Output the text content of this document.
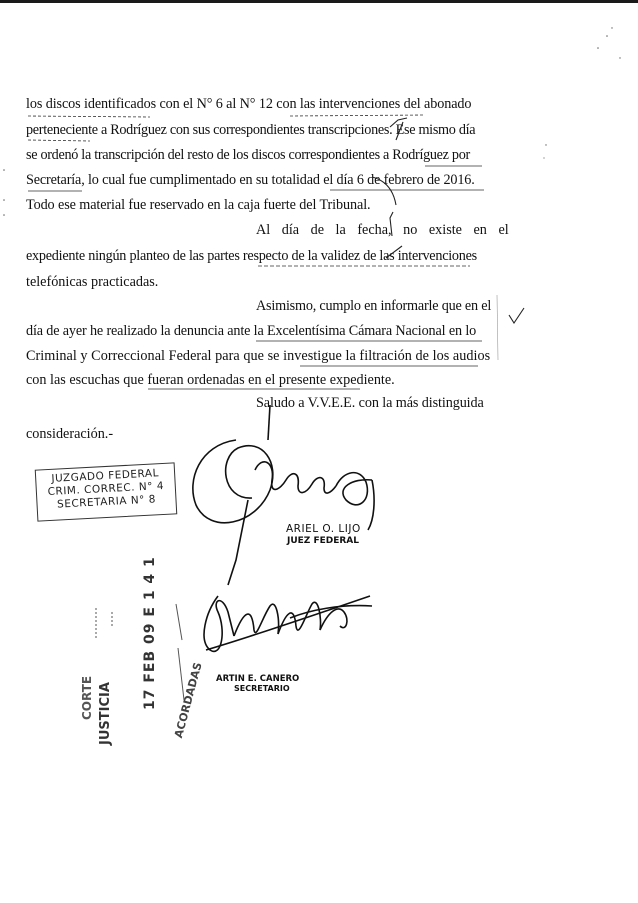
los discos identificados con el N° 6 al N° 12 con las intervenciones del abonado
perteneciente a Rodríguez con sus correspondientes transcripciones. Ese mismo día
se ordenó la transcripción del resto de los discos correspondientes a Rodríguez por
Secretaría, lo cual fue cumplimentado en su totalidad el día 6 de febrero de 2016.
Todo ese material fue reservado en la caja fuerte del Tribunal.
Al día de la fecha, no existe en el
expediente ningún planteo de las partes respecto de la validez de las intervenciones
telefónicas practicadas.
Asimismo, cumplo en informarle que en el
día de ayer he realizado la denuncia ante la Excelentísima Cámara Nacional en lo
Criminal y Correccional Federal para que se investigue la filtración de los audios
con las escuchas que fueran ordenadas en el presente expediente.
Saludo a V.V.E.E. con la más distinguida
consideración.-
JUZGADO FEDERAL
CRIM. CORREC. N° 4
SECRETARIA N° 8
ARIEL O. LIJO
JUEZ FEDERAL
ARTIN E. CANERO
SECRETARIO
17 FEB 09 E 1 4 1
CORTE JUSTICIA	ACORDADAS
